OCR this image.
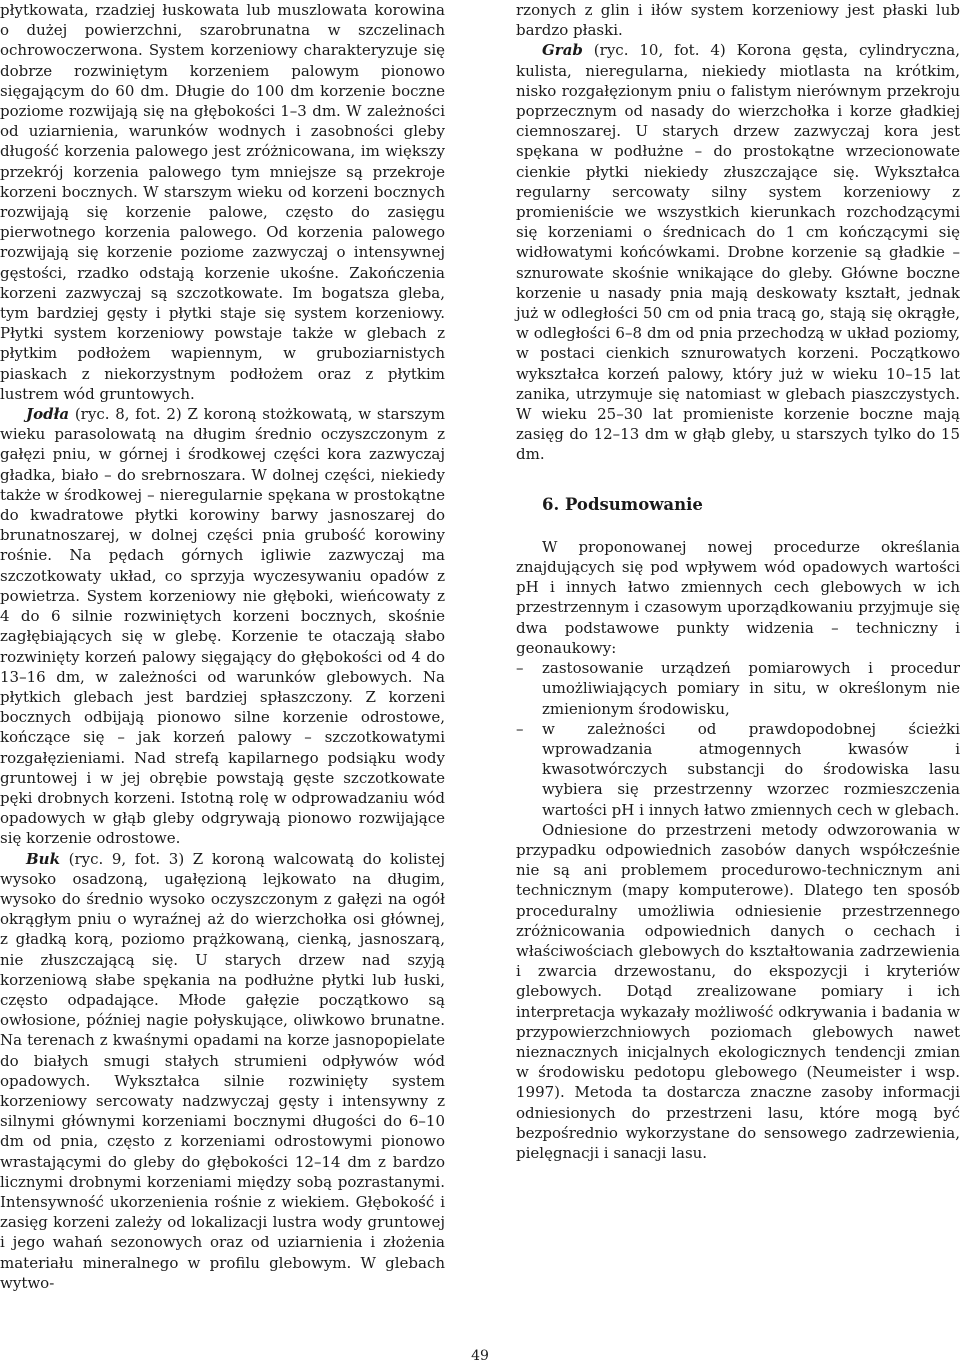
płytkowata, rzadziej łuskowata lub muszlowata korowina o dużej powierzchni, szarobrunatna w szczelinach ochrowoczerwona. System korzeniowy charakteryzuje się dobrze rozwiniętym korzeniem palowym pionowo sięgającym do 60 dm. Długie do 100 dm korzenie boczne poziome rozwijają się na głębokości 1–3 dm. W zależności od uziarnienia, warunków wodnych i zasobności gleby długość korzenia palowego jest zróżnicowana, im większy przekrój korzenia palowego tym mniejsze są przekroje korzeni bocznych. W starszym wieku od korzeni bocznych rozwijają się korzenie palowe, często do zasięgu pierwotnego korzenia palowego. Od korzenia palowego rozwijają się korzenie poziome zazwyczaj o intensywnej gęstości, rzadko odstają korzenie ukośne. Zakończenia korzeni zazwyczaj są szczotkowate. Im bogatsza gleba, tym bardziej gęsty i płytki staje się system korzeniowy. Płytki system korzeniowy powstaje także w glebach z płytkim podłożem wapiennym, w gruboziarnistych piaskach z niekorzystnym podłożem oraz z płytkim lustrem wód gruntowych.

Jodła (ryc. 8, fot. 2) Z koroną stożkowatą, w starszym wieku parasolowatą na długim średnio oczyszczonym z gałęzi pniu, w górnej i środkowej części kora zazwyczaj gładka, biało – do srebrnoszara. W dolnej części, niekiedy także w środkowej – nieregularnie spękana w prostokątne do kwadratowe płytki korowiny barwy jasnoszarej do brunatnoszarej, w dolnej części pnia grubość korowiny rośnie. Na pędach górnych igliwie zazwyczaj ma szczotkowaty układ, co sprzyja wyczesywaniu opadów z powietrza. System korzeniowy nie głęboki, wieńcowaty z 4 do 6 silnie rozwiniętych korzeni bocznych, skośnie zagłębiających się w glebę. Korzenie te otaczają słabo rozwinięty korzeń palowy sięgający do głębokości od 4 do 13–16 dm, w zależności od warunków glebowych. Na płytkich glebach jest bardziej spłaszczony. Z korzeni bocznych odbijają pionowo silne korzenie odrostowe, kończące się – jak korzeń palowy – szczotkowatymi rozgałęzieniami. Nad strefą kapilarnego podsiąku wody gruntowej i w jej obrębie powstają gęste szczotkowate pęki drobnych korzeni. Istotną rolę w odprowadzaniu wód opadowych w głąb gleby odgrywają pionowo rozwijające się korzenie odrostowe.

Buk (ryc. 9, fot. 3) Z koroną walcowatą do kolistej wysoko osadzoną, ugałęzioną lejkowato na długim, wysoko do średnio wysoko oczyszczonym z gałęzi na ogół okrągłym pniu o wyraźnej aż do wierzchołka osi głównej, z gładką korą, poziomo prążkowaną, cienką, jasnoszarą, nie złuszczającą się. U starych drzew nad szyją korzeniową słabe spękania na podłużne płytki lub łuski, często odpadające. Młode gałęzie początkowo są owłosione, później nagie połyskujące, oliwkowo brunatne. Na terenach z kwaśnymi opadami na korze jasnopopielate do białych smugi stałych strumieni odpływów wód opadowych. Wykształca silnie rozwinięty system korzeniowy sercowaty nadzwyczaj gęsty i intensywny z silnymi głównymi korzeniami bocznymi długości do 6–10 dm od pnia, często z korzeniami odrostowymi pionowo wrastającymi do gleby do głębokości 12–14 dm z bardzo licznymi drobnymi korzeniami między sobą pozrastanymi. Intensywność ukorzenienia rośnie z wiekiem. Głębokość i zasięg korzeni zależy od lokalizacji lustra wody gruntowej i jego wahań sezonowych oraz od uziarnienia i złożenia materiału mineralnego w profilu glebowym. W glebach wytwo-

rzonych z glin i iłów system korzeniowy jest płaski lub bardzo płaski.

Grab (ryc. 10, fot. 4) Korona gęsta, cylindryczna, kulista, nieregularna, niekiedy miotlasta na krótkim, nisko rozgałęzionym pniu o falistym nierównym przekroju poprzecznym od nasady do wierzchołka i korze gładkiej ciemnoszarej. U starych drzew zazwyczaj kora jest spękana w podłużne – do prostokątne wrzecionowate cienkie płytki niekiedy złuszczające się. Wykształca regularny sercowaty silny system korzeniowy z promieniście we wszystkich kierunkach rozchodzącymi się korzeniami o średnicach do 1 cm kończącymi się widłowatymi końcówkami. Drobne korzenie są gładkie – sznurowate skośnie wnikające do gleby. Główne boczne korzenie u nasady pnia mają deskowaty kształt, jednak już w odległości 50 cm od pnia tracą go, stają się okrągłe, w odległości 6–8 dm od pnia przechodzą w układ poziomy, w postaci cienkich sznurowatych korzeni. Początkowo wykształca korzeń palowy, który już w wieku 10–15 lat zanika, utrzymuje się natomiast w glebach piaszczystych. W wieku 25–30 lat promieniste korzenie boczne mają zasięg do 12–13 dm w głąb gleby, u starszych tylko do 15 dm.

6. Podsumowanie

W proponowanej nowej procedurze określania znajdujących się pod wpływem wód opadowych wartości pH i innych łatwo zmiennych cech glebowych w ich przestrzennym i czasowym uporządkowaniu przyjmuje się dwa podstawowe punkty widzenia – techniczny i geonaukowy:

– zastosowanie urządzeń pomiarowych i procedur umożliwiających pomiary in situ, w określonym nie zmienionym środowisku,
– w zależności od prawdopodobnej ścieżki wprowadzania atmogennych kwasów i kwasotwórczych substancji do środowiska lasu wybiera się przestrzenny wzorzec rozmieszczenia wartości pH i innych łatwo zmiennych cech w glebach.

Odniesione do przestrzeni metody odwzorowania w przypadku odpowiednich zasobów danych współcześnie nie są ani problemem procedurowo-technicznym ani technicznym (mapy komputerowe). Dlatego ten sposób proceduralny umożliwia odniesienie przestrzennego zróżnicowania odpowiednich danych o cechach i właściwościach glebowych do kształtowania zadrzewienia i zwarcia drzewostanu, do ekspozycji i kryteriów glebowych. Dotąd zrealizowane pomiary i ich interpretacja wykazały możliwość odkrywania i badania w przypowierzchniowych poziomach glebowych nawet nieznacznych inicjalnych ekologicznych tendencji zmian w środowisku pedotopu glebowego (Neumeister i wsp. 1997). Metoda ta dostarcza znaczne zasoby informacji odniesionych do przestrzeni lasu, które mogą być bezpośrednio wykorzystane do sensowego zadrzewienia, pielęgnacji i sanacji lasu.

49
